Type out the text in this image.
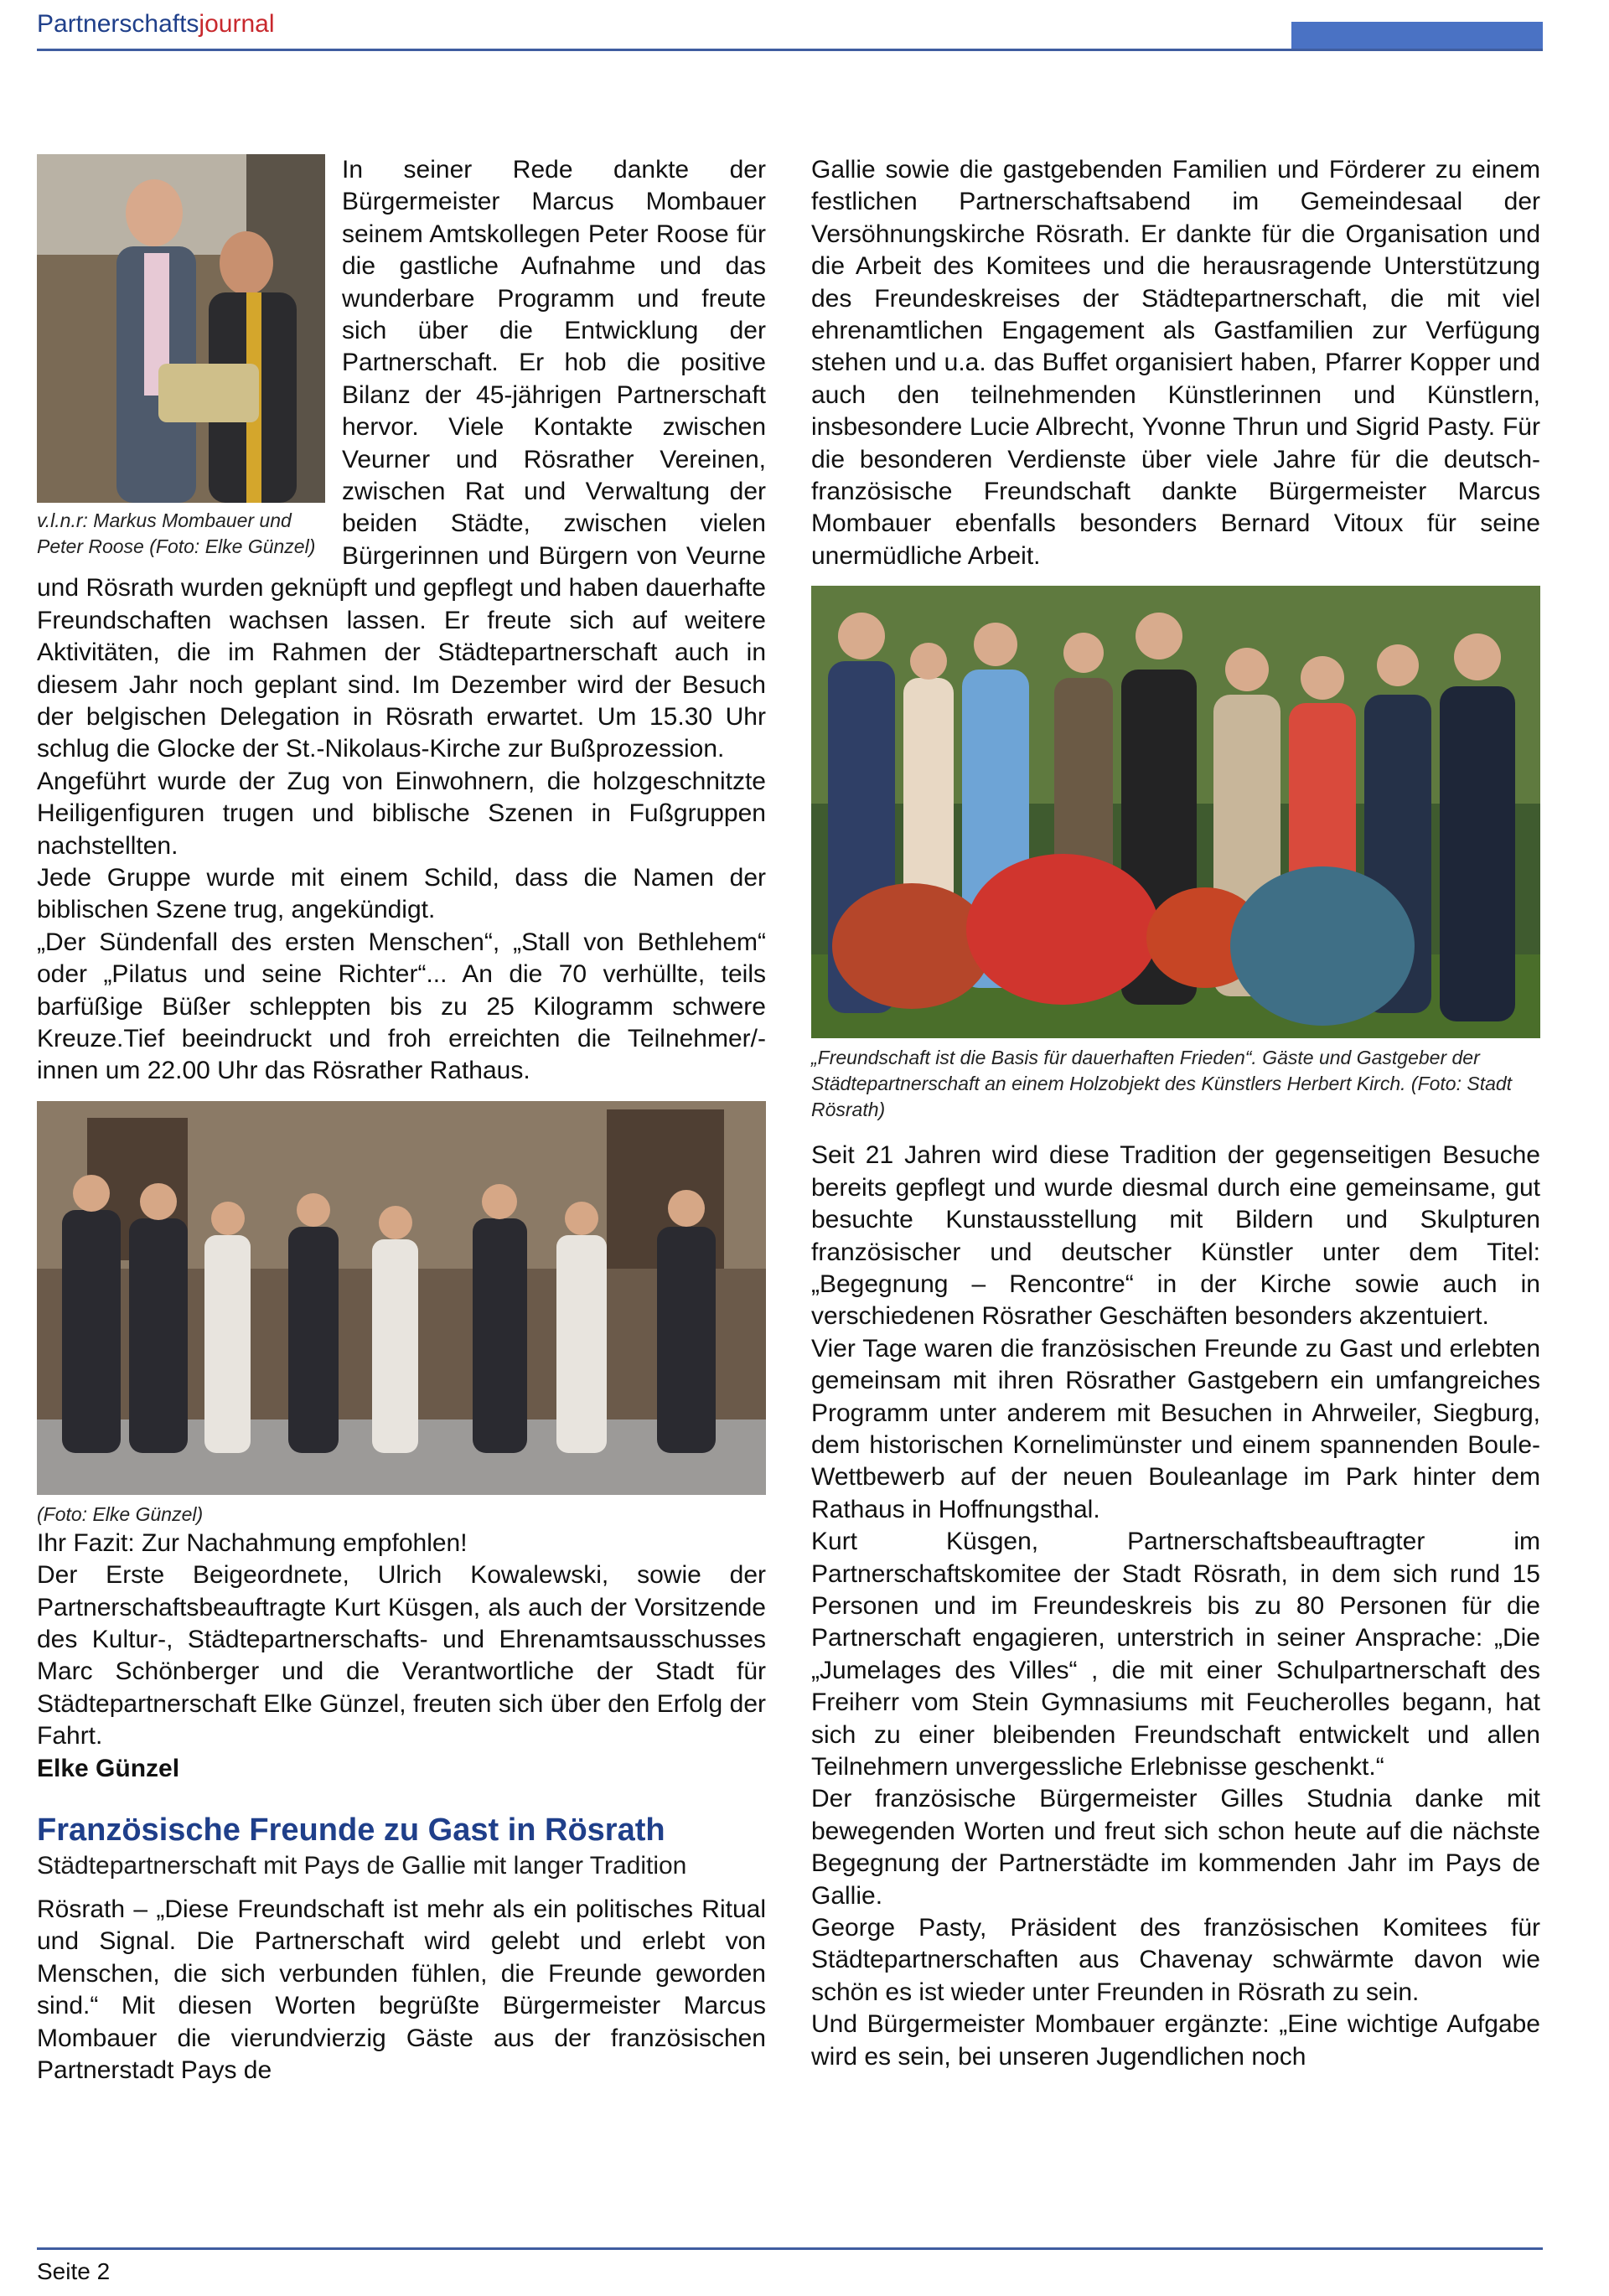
Partnerschaftsjournal
v.l.n.r: Markus Mombauer und Peter Roose (Foto: Elke Günzel)

In seiner Rede dankte der Bürgermeister Marcus Mombauer seinem Amtskollegen Peter Roose für die gastliche Aufnahme und das wunderbare Programm und freute sich über die Entwicklung der Partnerschaft. Er hob die positive Bilanz der 45-jährigen Partnerschaft hervor. Viele Kontakte zwischen Veurner und Rösrather Vereinen, zwischen Rat und Verwaltung der beiden Städte, zwischen vielen Bürgerinnen und Bürgern von Veurne und Rösrath wurden geknüpft und gepflegt und haben dauerhafte Freundschaften wachsen lassen. Er freute sich auf weitere Aktivitäten, die im Rahmen der Städtepartnerschaft auch in diesem Jahr noch geplant sind. Im Dezember wird der Besuch der belgischen Delegation in Rösrath erwartet. Um 15.30 Uhr schlug die Glocke der St.-Nikolaus-Kirche zur Bußprozession.

Angeführt wurde der Zug von Einwohnern, die holzgeschnitzte Heiligenfiguren trugen und biblische Szenen in Fußgruppen nachstellten.

Jede Gruppe wurde mit einem Schild, dass die Namen der biblischen Szene trug, angekündigt.

„Der Sündenfall des ersten Menschen“, „Stall von Bethlehem“ oder „Pilatus und seine Richter“... An die 70 verhüllte, teils barfüßige Büßer schleppten bis zu 25 Kilogramm schwere Kreuze.Tief beeindruckt und froh erreichten die Teilnehmer/-innen um 22.00 Uhr das Rösrather Rathaus.

(Foto: Elke Günzel)

Ihr Fazit: Zur Nachahmung empfohlen!

Der Erste Beigeordnete, Ulrich Kowalewski, sowie der Partnerschaftsbeauftragte Kurt Küsgen, als auch der Vorsitzende des Kultur-, Städtepartnerschafts- und Ehrenamtsausschusses Marc Schönberger und die Verantwortliche der Stadt für Städtepartnerschaft Elke Günzel, freuten sich über den Erfolg der Fahrt.

Elke Günzel

Französische Freunde zu Gast in Rösrath
Städtepartnerschaft mit Pays de Gallie mit langer Tradition

Rösrath – „Diese Freundschaft ist mehr als ein politisches Ritual und Signal. Die Partnerschaft wird gelebt und erlebt von Menschen, die sich verbunden fühlen, die Freunde geworden sind.“ Mit diesen Worten begrüßte Bürgermeister Marcus Mombauer die vierundvierzig Gäste aus der französischen Partnerstadt Pays de

Gallie sowie die gastgebenden Familien und Förderer zu einem festlichen Partnerschaftsabend im Gemeindesaal der Versöhnungskirche Rösrath. Er dankte für die Organisation und die Arbeit des Komitees und die herausragende Unterstützung des Freundeskreises der Städtepartnerschaft, die mit viel ehrenamtlichen Engagement als Gastfamilien zur Verfügung stehen und u.a. das Buffet organisiert haben, Pfarrer Kopper und auch den teilnehmenden Künstlerinnen und Künstlern, insbesondere Lucie Albrecht, Yvonne Thrun und Sigrid Pasty. Für die besonderen Verdienste über viele Jahre für die deutsch-französische Freundschaft dankte Bürgermeister Marcus Mombauer ebenfalls besonders Bernard Vitoux für seine unermüdliche Arbeit.

„Freundschaft ist die Basis für dauerhaften Frieden“. Gäste und Gastgeber der Städtepartnerschaft an einem Holzobjekt des Künstlers Herbert Kirch. (Foto: Stadt Rösrath)

Seit 21 Jahren wird diese Tradition der gegenseitigen Besuche bereits gepflegt und wurde diesmal durch eine gemeinsame, gut besuchte Kunstausstellung mit Bildern und Skulpturen französischer und deutscher Künstler unter dem Titel: „Begegnung – Rencontre“ in der Kirche sowie auch in verschiedenen Rösrather Geschäften besonders akzentuiert.

Vier Tage waren die französischen Freunde zu Gast und erlebten gemeinsam mit ihren Rösrather Gastgebern ein umfangreiches Programm unter anderem mit Besuchen in Ahrweiler, Siegburg, dem historischen Kornelimünster und einem spannenden Boule-Wettbewerb auf der neuen Bouleanlage im Park hinter dem Rathaus in Hoffnungsthal.

Kurt Küsgen, Partnerschaftsbeauftragter im Partnerschaftskomitee der Stadt Rösrath, in dem sich rund 15 Personen und im Freundeskreis bis zu 80 Personen für die Partnerschaft engagieren, unterstrich in seiner Ansprache: „Die „Jumelages des Villes“ , die mit einer Schulpartnerschaft des Freiherr vom Stein Gymnasiums mit Feucherolles begann, hat sich zu einer bleibenden Freundschaft entwickelt und allen Teilnehmern unvergessliche Erlebnisse geschenkt.“

Der französische Bürgermeister Gilles Studnia danke mit bewegenden Worten und freut sich schon heute auf die nächste Begegnung der Partnerstädte im kommenden Jahr im Pays de Gallie.

George Pasty, Präsident des französischen Komitees für Städtepartnerschaften aus Chavenay schwärmte davon wie schön es ist wieder unter Freunden in Rösrath zu sein.

Und Bürgermeister Mombauer ergänzte: „Eine wichtige Aufgabe wird es sein, bei unseren Jugendlichen noch

Seite 2
